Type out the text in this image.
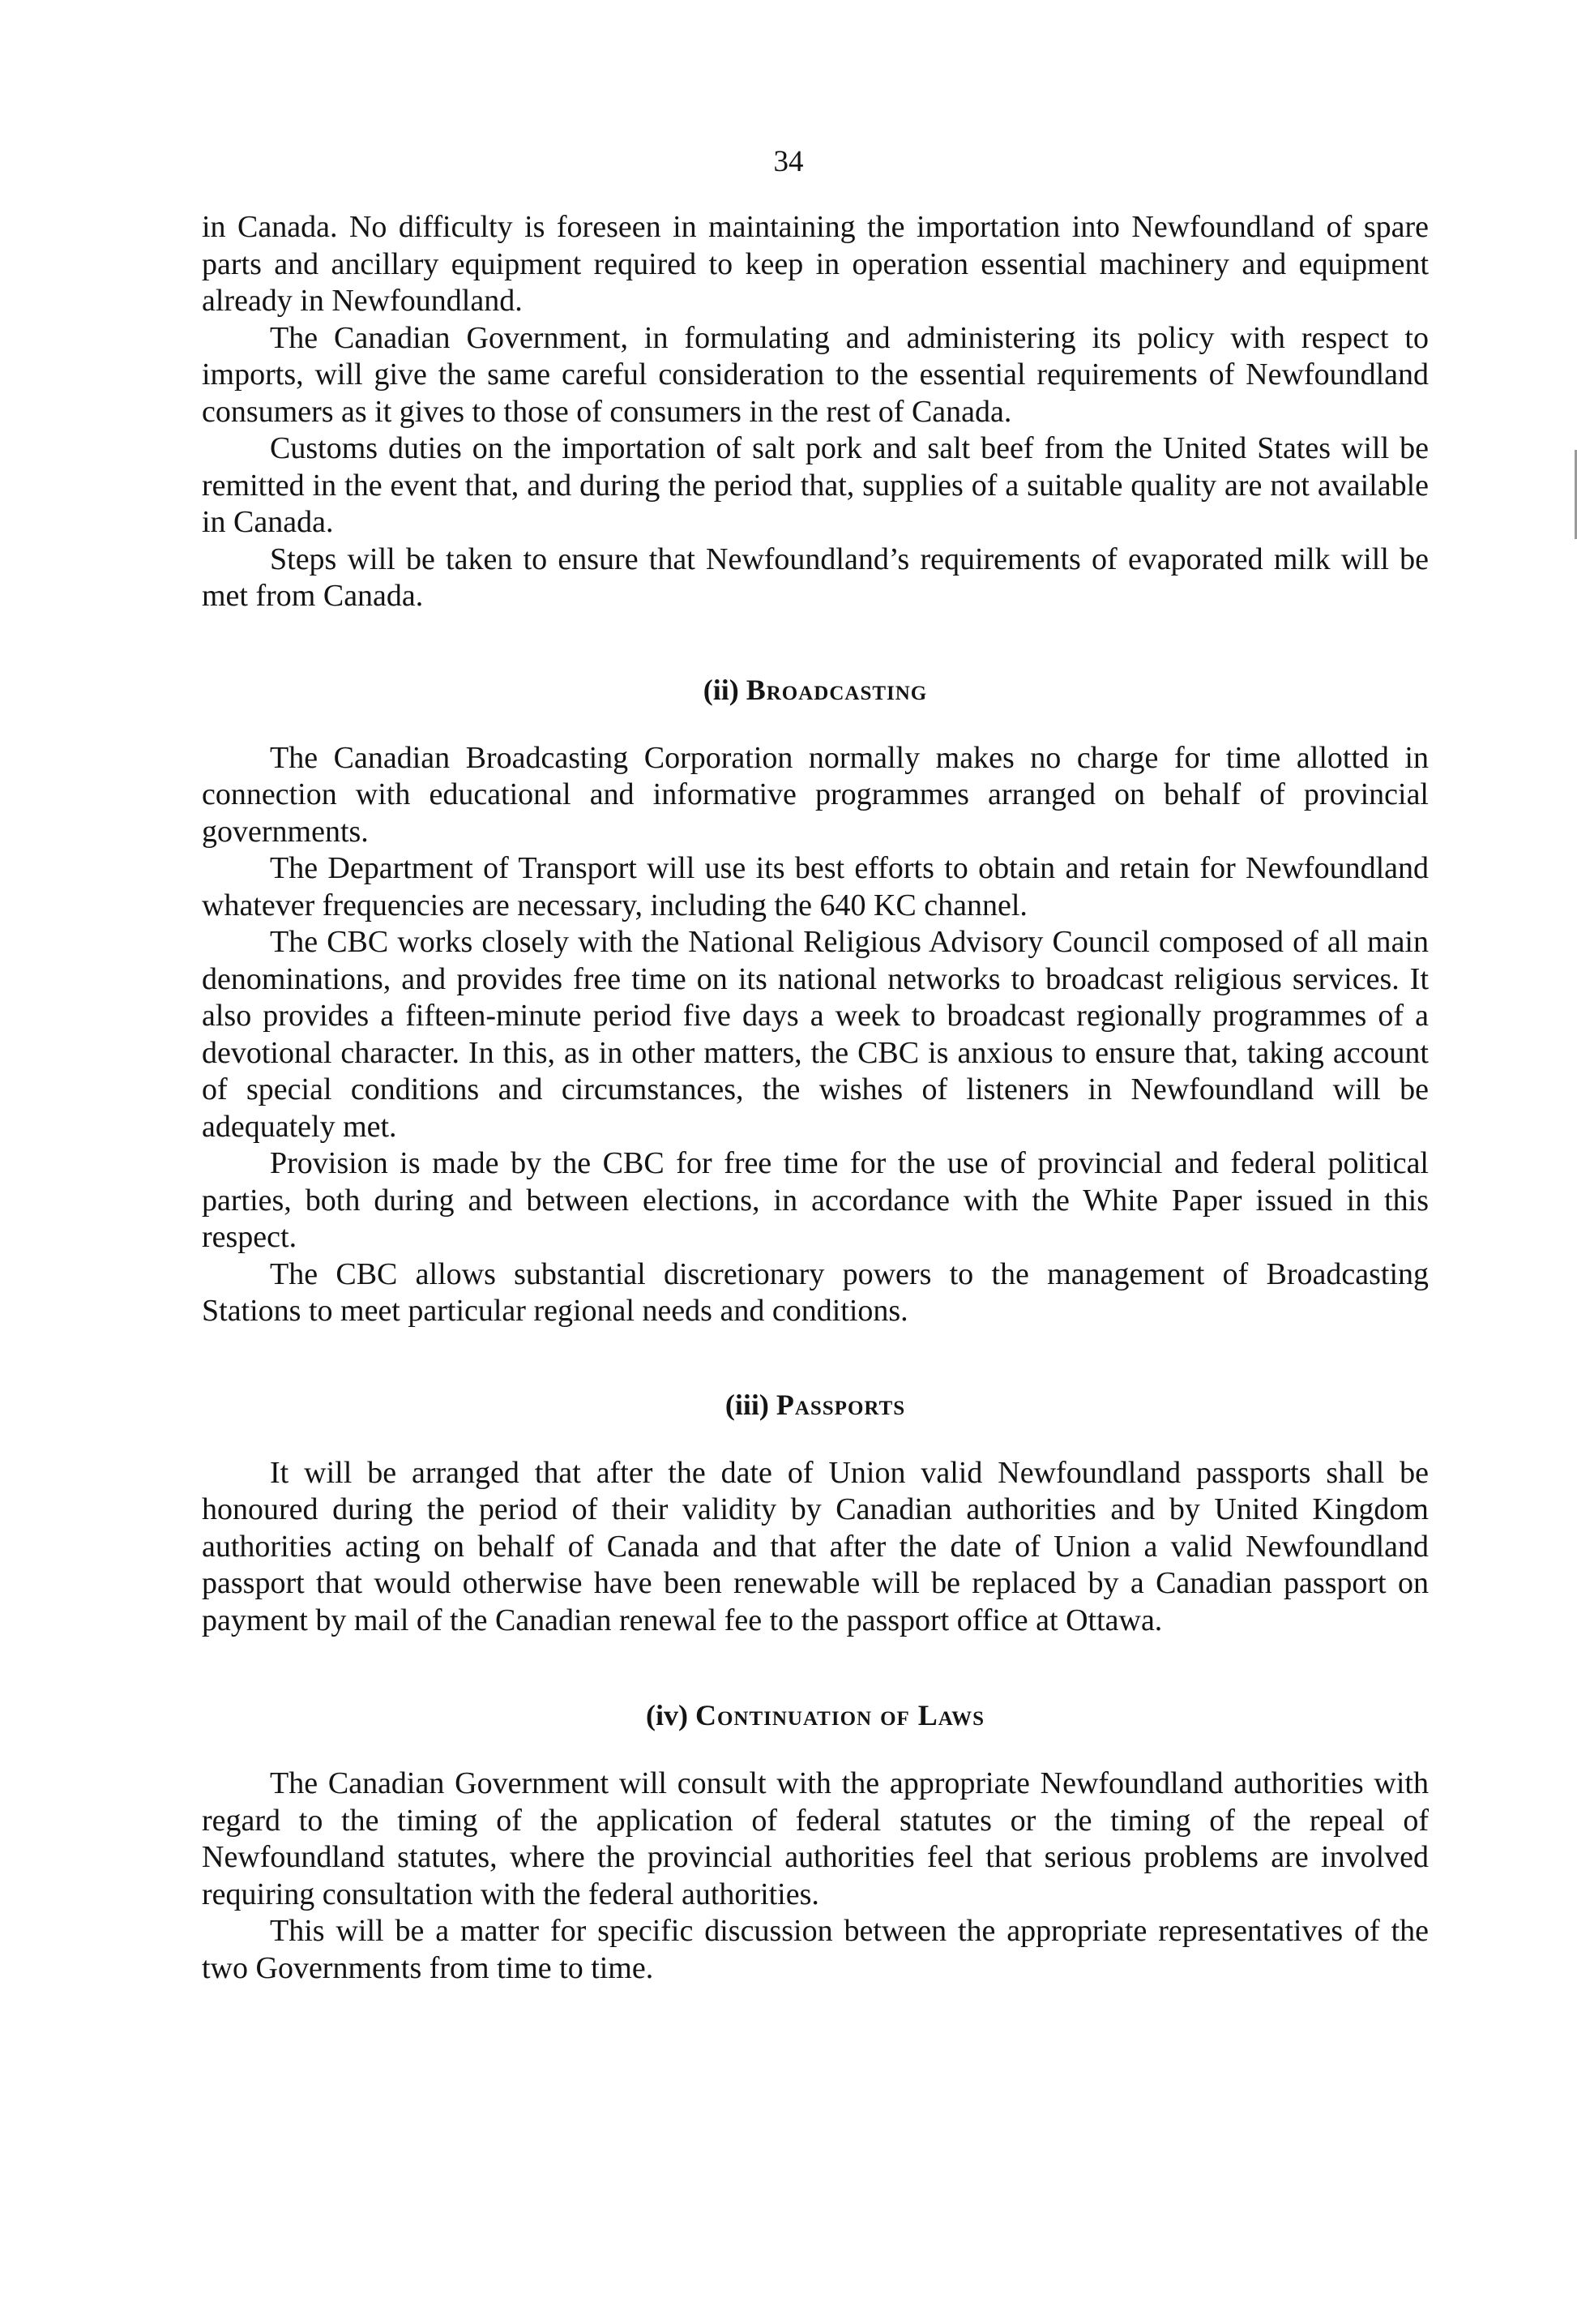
34

in Canada. No difficulty is foreseen in maintaining the importation into Newfoundland of spare parts and ancillary equipment required to keep in operation essential machinery and equipment already in Newfoundland.

The Canadian Government, in formulating and administering its policy with respect to imports, will give the same careful consideration to the essential requirements of Newfoundland consumers as it gives to those of consumers in the rest of Canada.

Customs duties on the importation of salt pork and salt beef from the United States will be remitted in the event that, and during the period that, supplies of a suitable quality are not available in Canada.

Steps will be taken to ensure that Newfoundland’s requirements of evaporated milk will be met from Canada.

(ii) Broadcasting

The Canadian Broadcasting Corporation normally makes no charge for time allotted in connection with educational and informative programmes arranged on behalf of provincial governments.

The Department of Transport will use its best efforts to obtain and retain for Newfoundland whatever frequencies are necessary, including the 640 KC channel.

The CBC works closely with the National Religious Advisory Council composed of all main denominations, and provides free time on its national networks to broadcast religious services. It also provides a fifteen-minute period five days a week to broadcast regionally programmes of a devotional character. In this, as in other matters, the CBC is anxious to ensure that, taking account of special conditions and circumstances, the wishes of listeners in Newfoundland will be adequately met.

Provision is made by the CBC for free time for the use of provincial and federal political parties, both during and between elections, in accordance with the White Paper issued in this respect.

The CBC allows substantial discretionary powers to the management of Broadcasting Stations to meet particular regional needs and conditions.

(iii) Passports

It will be arranged that after the date of Union valid Newfoundland passports shall be honoured during the period of their validity by Canadian authorities and by United Kingdom authorities acting on behalf of Canada and that after the date of Union a valid Newfoundland passport that would otherwise have been renewable will be replaced by a Canadian passport on payment by mail of the Canadian renewal fee to the passport office at Ottawa.

(iv) Continuation of Laws

The Canadian Government will consult with the appropriate Newfoundland authorities with regard to the timing of the application of federal statutes or the timing of the repeal of Newfoundland statutes, where the provincial authorities feel that serious problems are involved requiring consultation with the federal authorities.

This will be a matter for specific discussion between the appropriate representatives of the two Governments from time to time.
